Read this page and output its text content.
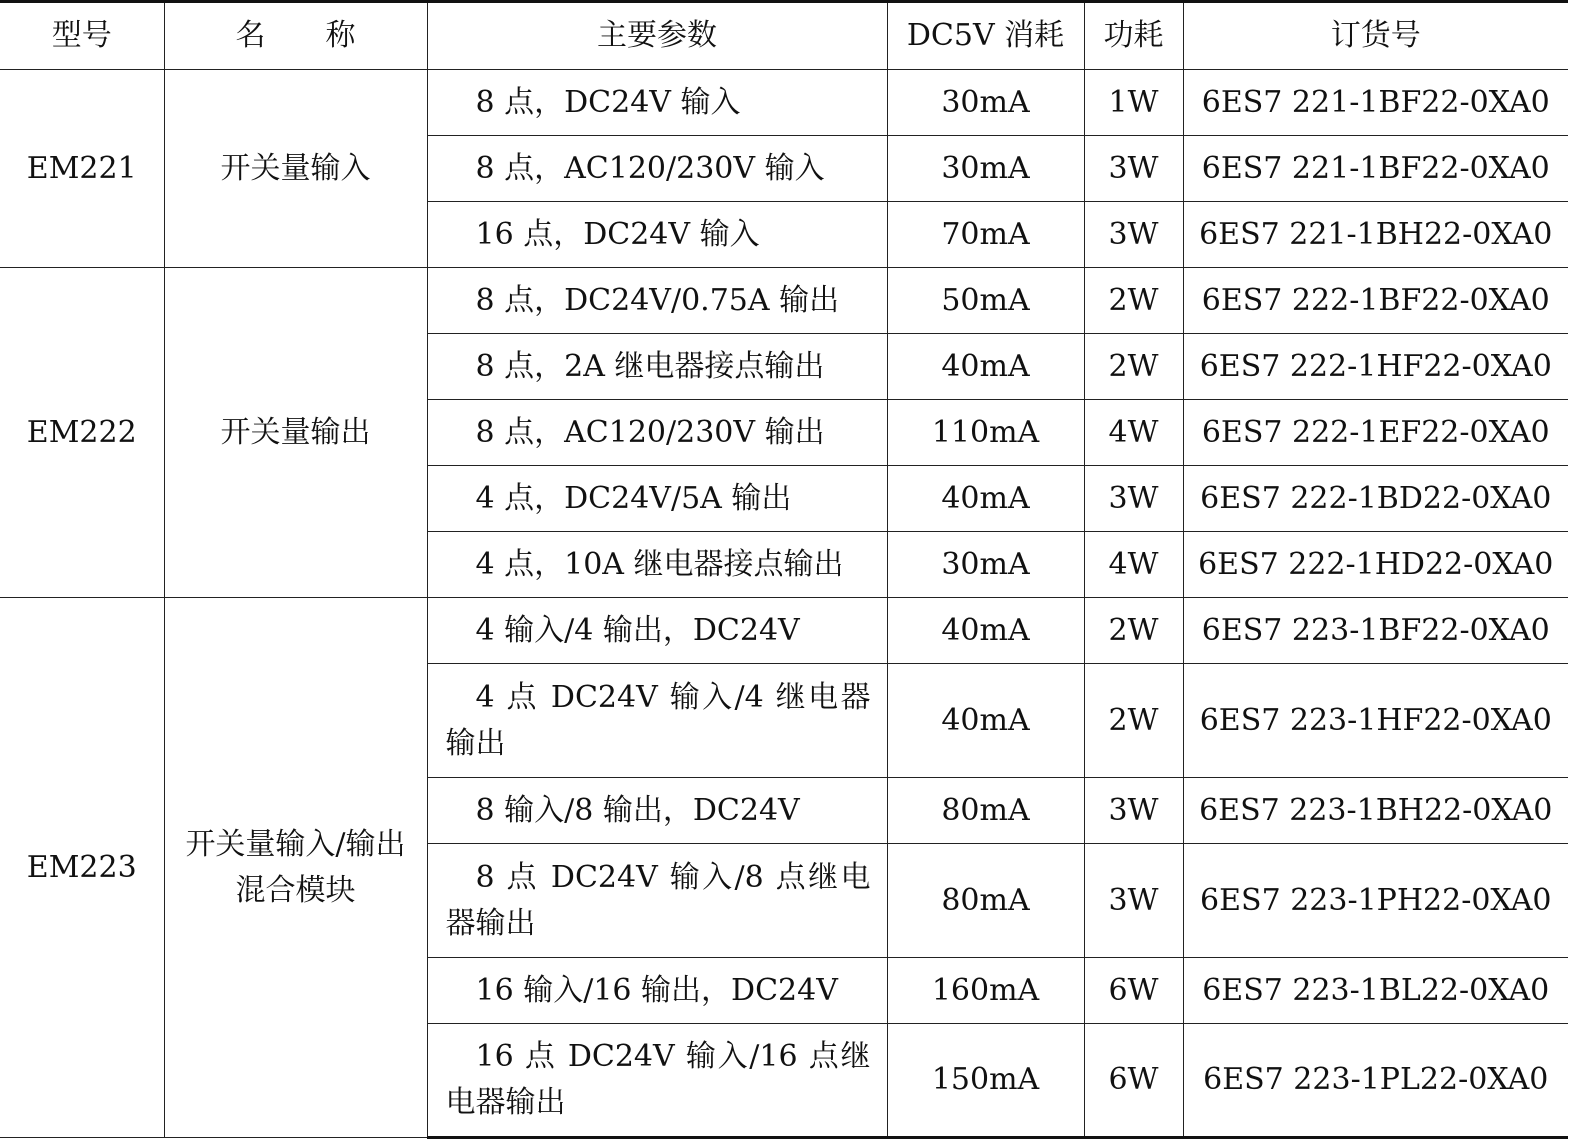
型号	名　　称	主要参数	DC5V 消耗	功耗	订货号
EM221	开关量输入	8 点，DC24V 输入	30mA	1W	6ES7 221-1BF22-0XA0
		8 点，AC120/230V 输入	30mA	3W	6ES7 221-1BF22-0XA0
		16 点，DC24V 输入	70mA	3W	6ES7 221-1BH22-0XA0
EM222	开关量输出	8 点，DC24V/0.75A 输出	50mA	2W	6ES7 222-1BF22-0XA0
		8 点，2A 继电器接点输出	40mA	2W	6ES7 222-1HF22-0XA0
		8 点，AC120/230V 输出	110mA	4W	6ES7 222-1EF22-0XA0
		4 点，DC24V/5A 输出	40mA	3W	6ES7 222-1BD22-0XA0
		4 点，10A 继电器接点输出	30mA	4W	6ES7 222-1HD22-0XA0
EM223	开关量输入/输出混合模块	4 输入/4 输出，DC24V	40mA	2W	6ES7 223-1BF22-0XA0
		4 点 DC24V 输入/4 继电器输出	40mA	2W	6ES7 223-1HF22-0XA0
		8 输入/8 输出，DC24V	80mA	3W	6ES7 223-1BH22-0XA0
		8 点 DC24V 输入/8 点继电器输出	80mA	3W	6ES7 223-1PH22-0XA0
		16 输入/16 输出，DC24V	160mA	6W	6ES7 223-1BL22-0XA0
		16 点 DC24V 输入/16 点继电器输出	150mA	6W	6ES7 223-1PL22-0XA0
